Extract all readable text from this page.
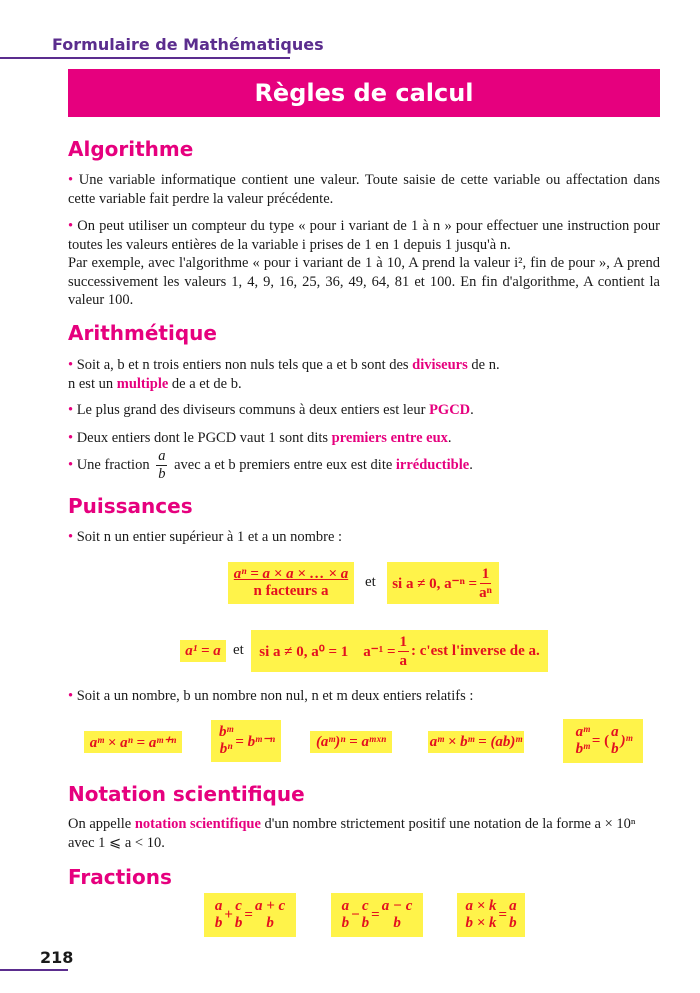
Formulaire de Mathématiques
Règles de calcul
Algorithme
• Une variable informatique contient une valeur. Toute saisie de cette variable ou affectation dans cette variable fait perdre la valeur précédente.
• On peut utiliser un compteur du type « pour i variant de 1 à n » pour effectuer une instruction pour toutes les valeurs entières de la variable i prises de 1 en 1 depuis 1 jusqu'à n.
Par exemple, avec l'algorithme « pour i variant de 1 à 10, A prend la valeur i², fin de pour », A prend successivement les valeurs 1, 4, 9, 16, 25, 36, 49, 64, 81 et 100. En fin d'algorithme, A contient la valeur 100.
Arithmétique
• Soit a, b et n trois entiers non nuls tels que a et b sont des diviseurs de n.
n est un multiple de a et de b.
• Le plus grand des diviseurs communs à deux entiers est leur PGCD.
• Deux entiers dont le PGCD vaut 1 sont dits premiers entre eux.
• Une fraction $\frac{a}{b}$ avec a et b premiers entre eux est dite irréductible.
Puissances
• Soit n un entier supérieur à 1 et a un nombre :
aⁿ = a × a × … × a
n facteurs a
et si a ≠ 0, $a^{-n} = \frac{1}{\text{aⁿ}}$
a¹ = a et si a ≠ 0, a⁰ = 1    $a^{-1} = \frac{1}{a}$ : c'est l'inverse de a.
• Soit a un nombre, b un nombre non nul, n et m deux entiers relatifs :
aᵐ × aⁿ = aᵐ⁺ⁿ
bᵐ
bⁿ = bᵐ⁻ⁿ	(aᵐ)ⁿ = aᵐˣⁿ	aᵐ × bᵐ = (ab)ᵐ
aᵐ
bᵐ
= (
a
b
)ᵐ
Notation scientifique
On appelle notation scientifique d'un nombre strictement positif une notation de la forme a × 10ⁿ
avec 1 ⩽ a < 10.
Fractions
a
b
+
c
b
=
a + c
b
a
b
−
c
b
=
a − c
b
a × k
b × k
=
a
b
218
